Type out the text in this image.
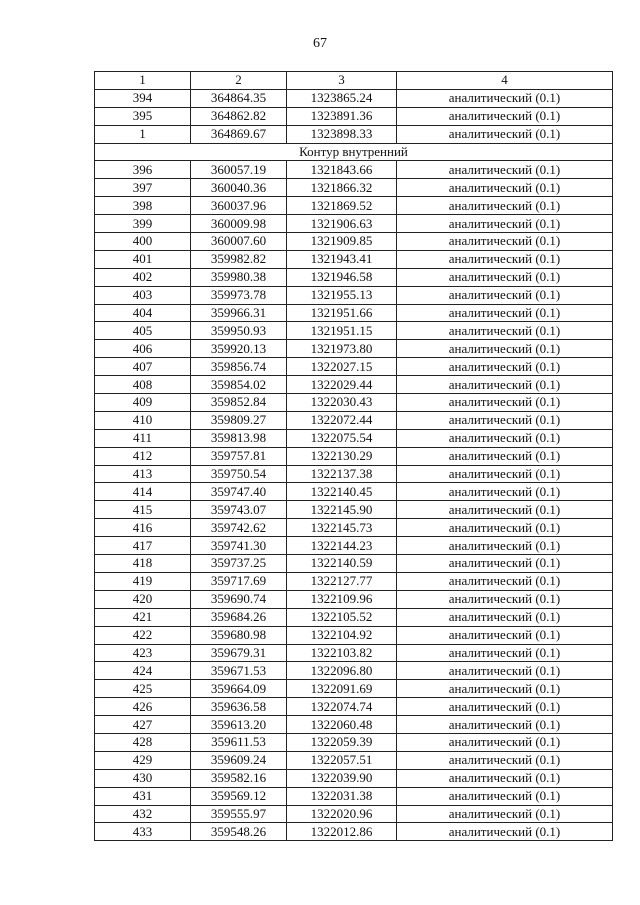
67
1	2	3	4
394	364864.35	1323865.24	аналитический (0.1)
395	364862.82	1323891.36	аналитический (0.1)
1	364869.67	1323898.33	аналитический (0.1)
Контур внутренний			
396	360057.19	1321843.66	аналитический (0.1)
397	360040.36	1321866.32	аналитический (0.1)
398	360037.96	1321869.52	аналитический (0.1)
399	360009.98	1321906.63	аналитический (0.1)
400	360007.60	1321909.85	аналитический (0.1)
401	359982.82	1321943.41	аналитический (0.1)
402	359980.38	1321946.58	аналитический (0.1)
403	359973.78	1321955.13	аналитический (0.1)
404	359966.31	1321951.66	аналитический (0.1)
405	359950.93	1321951.15	аналитический (0.1)
406	359920.13	1321973.80	аналитический (0.1)
407	359856.74	1322027.15	аналитический (0.1)
408	359854.02	1322029.44	аналитический (0.1)
409	359852.84	1322030.43	аналитический (0.1)
410	359809.27	1322072.44	аналитический (0.1)
411	359813.98	1322075.54	аналитический (0.1)
412	359757.81	1322130.29	аналитический (0.1)
413	359750.54	1322137.38	аналитический (0.1)
414	359747.40	1322140.45	аналитический (0.1)
415	359743.07	1322145.90	аналитический (0.1)
416	359742.62	1322145.73	аналитический (0.1)
417	359741.30	1322144.23	аналитический (0.1)
418	359737.25	1322140.59	аналитический (0.1)
419	359717.69	1322127.77	аналитический (0.1)
420	359690.74	1322109.96	аналитический (0.1)
421	359684.26	1322105.52	аналитический (0.1)
422	359680.98	1322104.92	аналитический (0.1)
423	359679.31	1322103.82	аналитический (0.1)
424	359671.53	1322096.80	аналитический (0.1)
425	359664.09	1322091.69	аналитический (0.1)
426	359636.58	1322074.74	аналитический (0.1)
427	359613.20	1322060.48	аналитический (0.1)
428	359611.53	1322059.39	аналитический (0.1)
429	359609.24	1322057.51	аналитический (0.1)
430	359582.16	1322039.90	аналитический (0.1)
431	359569.12	1322031.38	аналитический (0.1)
432	359555.97	1322020.96	аналитический (0.1)
433	359548.26	1322012.86	аналитический (0.1)
